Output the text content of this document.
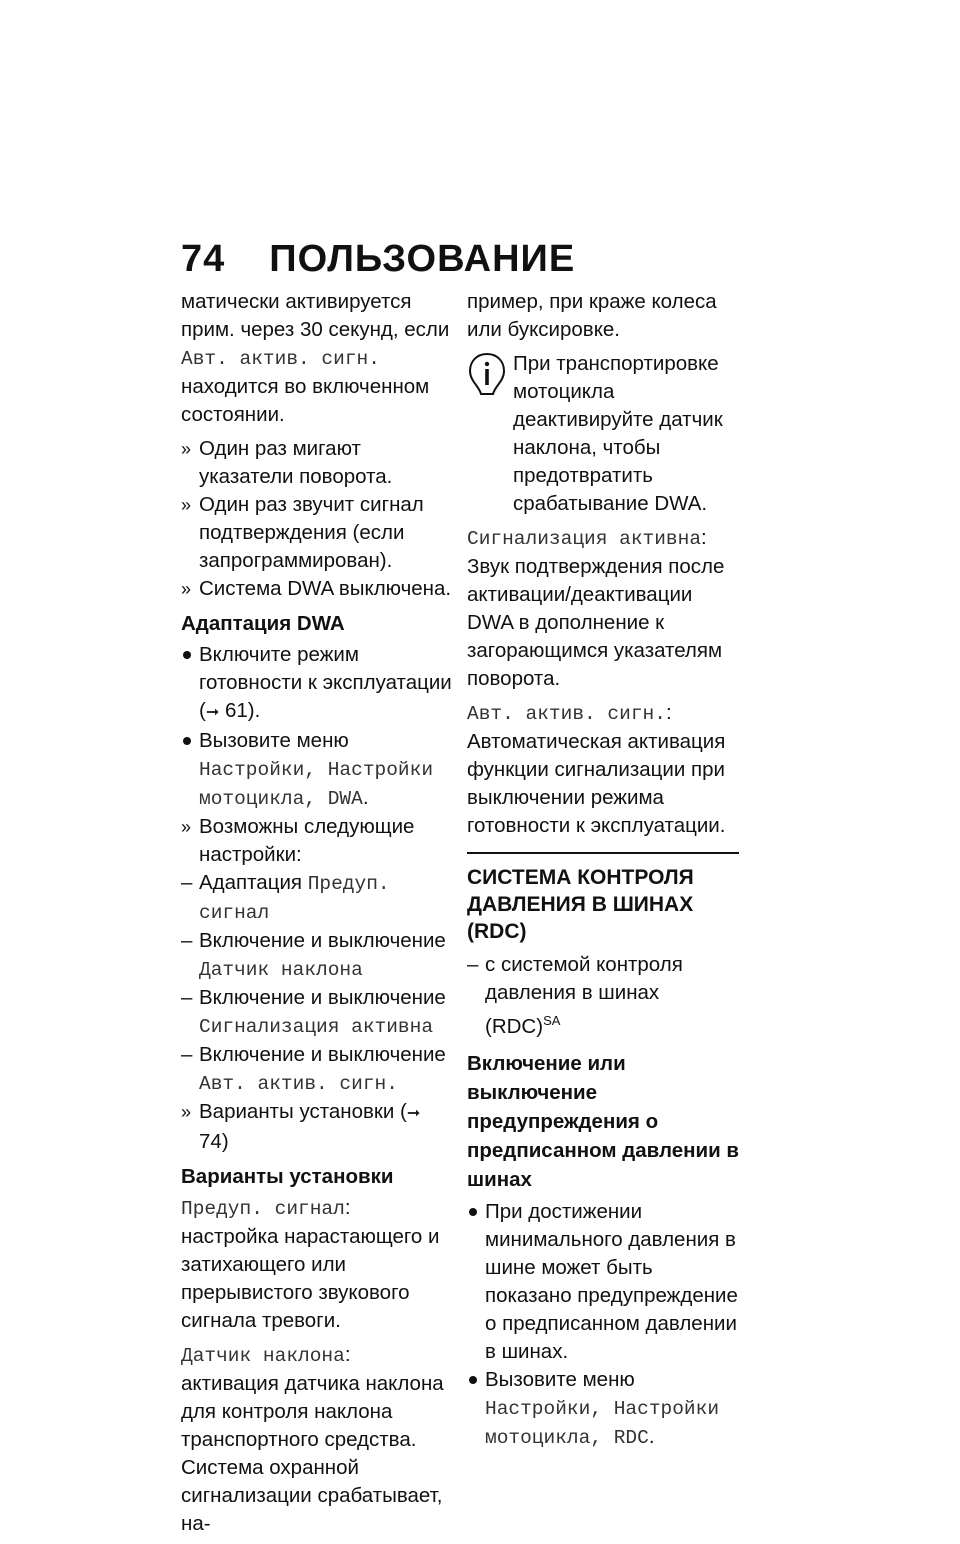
74 ПОЛЬЗОВАНИЕ

матически активируется прим. через 30 секунд, если Авт. актив. сигн. находится во включенном состоянии.

» Один раз мигают указатели поворота.
» Один раз звучит сигнал подтверждения (если запрограммирован).
» Система DWA выключена.
Адаптация DWA
Включите режим готовности к эксплуатации (➞ 61).
Вызовите меню Настройки, Настройки мотоцикла, DWA.
» Возможны следующие настройки:
– Адаптация Предуп. сигнал
– Включение и выключение Датчик наклона
– Включение и выключение Сигнализация активна
– Включение и выключение Авт. актив. сигн.
» Варианты установки (➞ 74)
Варианты установки

Предуп. сигнал: настройка нарастающего и затихающего или прерывистого звукового сигнала тревоги.

Датчик наклона: активация датчика наклона для контроля наклона транспортного средства. Система охранной сигнализации срабатывает, на-

пример, при краже колеса или буксировке.

При транспортировке мотоцикла деактивируйте датчик наклона, чтобы предотвратить срабатывание DWA.

Сигнализация активна: Звук подтверждения после активации/деактивации DWA в дополнение к загорающимся указателям поворота.

Авт. актив. сигн.: Автоматическая активация функции сигнализации при выключении режима готовности к эксплуатации.

СИСТЕМА КОНТРОЛЯ ДАВЛЕНИЯ В ШИНАХ (RDC)
– с системой контроля давления в шинах (RDC)$^{SA}$
Включение или выключение предупреждения о предписанном давлении в шинах
При достижении минимального давления в шине может быть показано предупреждение о предписанном давлении в шинах.
Вызовите меню Настройки, Настройки мотоцикла, RDC.
